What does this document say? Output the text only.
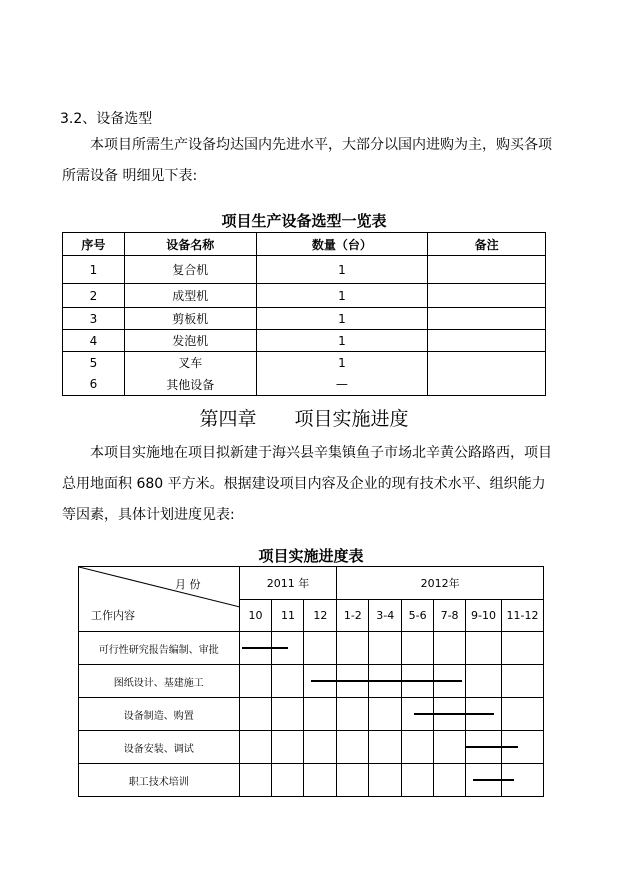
3.2、设备选型
本项目所需生产设备均达国内先进水平，大部分以国内进购为主，购买各项所需设备 明细见下表:
项目生产设备选型一览表
序号	设备名称	数量（台）	备注
1	复合机	1	
2	成型机	1	
3	剪板机	1	
4	发泡机	1	
5	叉车	1	
6	其他设备	—	
第四章　　项目实施进度
本项目实施地在项目拟新建于海兴县辛集镇鱼子市场北辛黄公路路西，项目总用地面积 680 平方米。根据建设项目内容及企业的现有技术水平、组织能力等因素，具体计划进度见表:
项目实施进度表
月 份
工作内容	2011 年			2012年					
	10	11	12	1-2	3-4	5-6	7-8	9-10	11-12
可行性研究报告编制、审批									
图纸设计、基建施工									
设备制造、购置									
设备安装、调试									
职工技术培训									
